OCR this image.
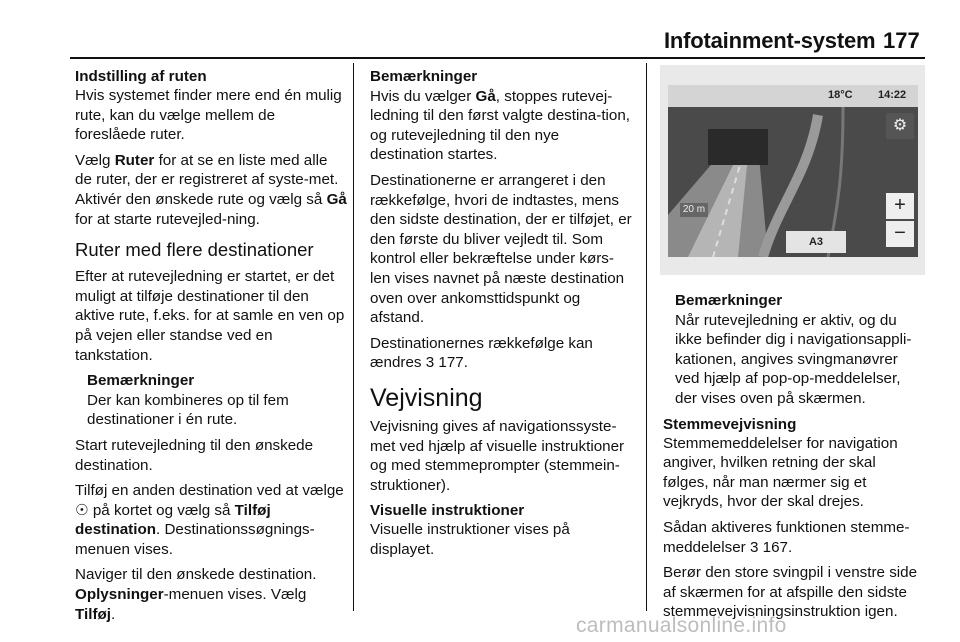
Infotainment-system 177

Indstilling af ruten

Hvis systemet finder mere end én mulig rute, kan du vælge mellem de foreslåede ruter.

Vælg Ruter for at se en liste med alle de ruter, der er registreret af syste-met. Aktivér den ønskede rute og vælg så Gå for at starte rutevejled-ning.

Ruter med flere destinationer

Efter at rutevejledning er startet, er det muligt at tilføje destinationer til den aktive rute, f.eks. for at samle en ven op på vejen eller standse ved en tankstation.

Bemærkninger
Der kan kombineres op til fem destinationer i én rute.

Start rutevejledning til den ønskede destination.

Tilføj en anden destination ved at vælge ☉ på kortet og vælg så Tilføj destination. Destinationssøgnings-menuen vises.

Naviger til den ønskede destination. Oplysninger-menuen vises. Vælg Tilføj.

Bemærkninger
Hvis du vælger Gå, stoppes rutevej-ledning til den først valgte destina-tion, og rutevejledning til den nye destination startes.

Destinationerne er arrangeret i den rækkefølge, hvori de indtastes, mens den sidste destination, der er tilføjet, er den første du bliver vejledt til. Som kontrol eller bekræftelse under kørs-len vises navnet på næste destination oven over ankomsttidspunkt og afstand.

Destinationernes rækkefølge kan ændres 3 177.

Vejvisning

Vejvisning gives af navigationssyste-met ved hjælp af visuelle instruktioner og med stemmeprompter (stemmein-struktioner).

Visuelle instruktioner

Visuelle instruktioner vises på displayet.

18°C 14:22
⚙
+
−
20 m
A3
Bemærkninger
Når rutevejledning er aktiv, og du ikke befinder dig i navigationsappli-kationen, angives svingmanøvrer ved hjælp af pop-op-meddelelser, der vises oven på skærmen.

Stemmevejvisning

Stemmemeddelelser for navigation angiver, hvilken retning der skal følges, når man nærmer sig et vejkryds, hvor der skal drejes.

Sådan aktiveres funktionen stemme-meddelelser 3 167.

Berør den store svingpil i venstre side af skærmen for at afspille den sidste stemmevejvisningsinstruktion igen.

carmanualsonline.info
